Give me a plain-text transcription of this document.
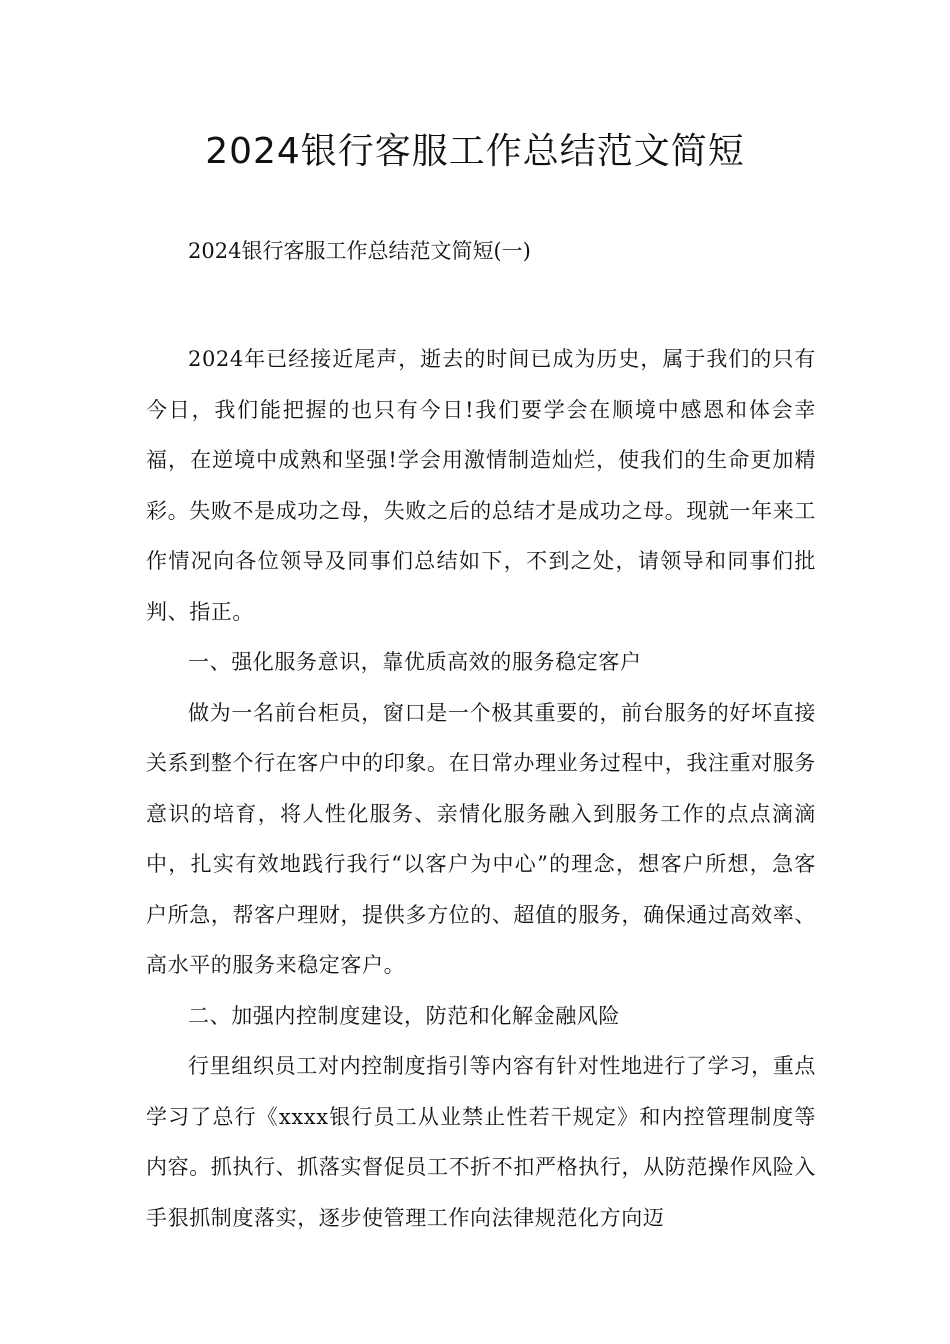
2024银行客服工作总结范文简短

2024银行客服工作总结范文简短(一)

2024年已经接近尾声，逝去的时间已成为历史，属于我们的只有今日，我们能把握的也只有今日!我们要学会在顺境中感恩和体会幸福，在逆境中成熟和坚强!学会用激情制造灿烂，使我们的生命更加精彩。失败不是成功之母，失败之后的总结才是成功之母。现就一年来工作情况向各位领导及同事们总结如下，不到之处，请领导和同事们批判、指正。

一、强化服务意识，靠优质高效的服务稳定客户

做为一名前台柜员，窗口是一个极其重要的，前台服务的好坏直接关系到整个行在客户中的印象。在日常办理业务过程中，我注重对服务意识的培育，将人性化服务、亲情化服务融入到服务工作的点点滴滴中，扎实有效地践行我行“以客户为中心”的理念，想客户所想，急客户所急，帮客户理财，提供多方位的、超值的服务，确保通过高效率、高水平的服务来稳定客户。

二、加强内控制度建设，防范和化解金融风险

行里组织员工对内控制度指引等内容有针对性地进行了学习，重点学习了总行《xxxx银行员工从业禁止性若干规定》和内控管理制度等内容。抓执行、抓落实督促员工不折不扣严格执行，从防范操作风险入手狠抓制度落实，逐步使管理工作向法律规范化方向迈
